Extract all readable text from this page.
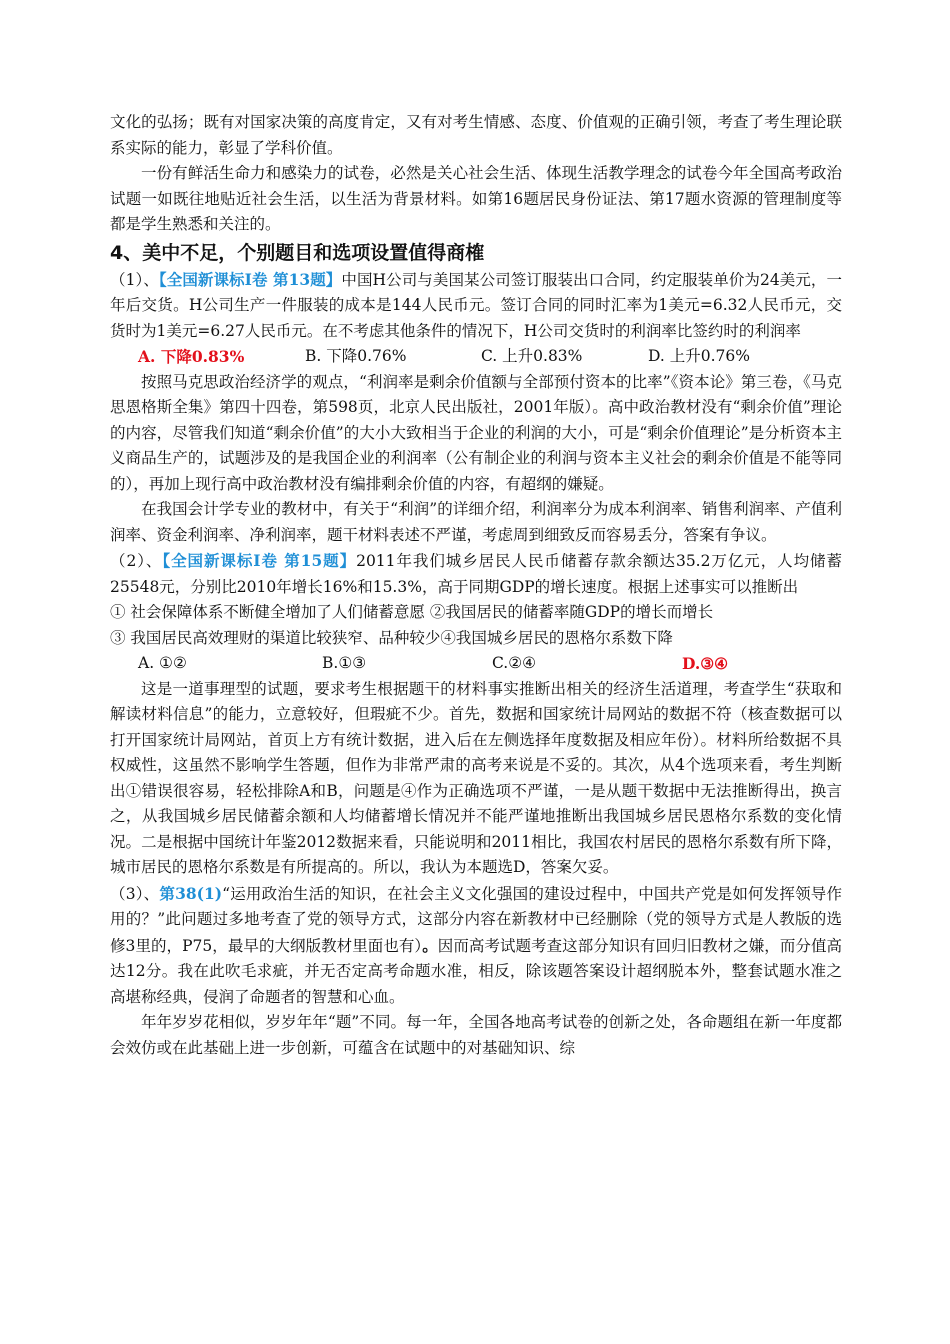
文化的弘扬；既有对国家决策的高度肯定，又有对考生情感、态度、价值观的正确引领，考查了考生理论联系实际的能力，彰显了学科价值。

一份有鲜活生命力和感染力的试卷，必然是关心社会生活、体现生活教学理念的试卷今年全国高考政治试题一如既往地贴近社会生活，以生活为背景材料。如第16题居民身份证法、第17题水资源的管理制度等都是学生熟悉和关注的。

4、美中不足，个别题目和选项设置值得商榷

（1）、【全国新课标Ⅰ卷 第13题】中国H公司与美国某公司签订服装出口合同，约定服装单价为24美元，一年后交货。H公司生产一件服装的成本是144人民币元。签订合同的同时汇率为1美元=6.32人民币元，交货时为1美元=6.27人民币元。在不考虑其他条件的情况下，H公司交货时的利润率比签约时的利润率

A. 下降0.83%	B. 下降0.76%	C. 上升0.83%	D. 上升0.76%

按照马克思政治经济学的观点，“利润率是剩余价值额与全部预付资本的比率”《资本论》第三卷，《马克思恩格斯全集》第四十四卷，第598页，北京人民出版社，2001年版）。高中政治教材没有“剩余价值”理论的内容，尽管我们知道“剩余价值”的大小大致相当于企业的利润的大小，可是“剩余价值理论”是分析资本主义商品生产的，试题涉及的是我国企业的利润率（公有制企业的利润与资本主义社会的剩余价值是不能等同的），再加上现行高中政治教材没有编排剩余价值的内容，有超纲的嫌疑。

在我国会计学专业的教材中，有关于“利润”的详细介绍，利润率分为成本利润率、销售利润率、产值利润率、资金利润率、净利润率，题干材料表述不严谨，考虑周到细致反而容易丢分，答案有争议。

（2）、【全国新课标Ⅰ卷 第15题】2011年我们城乡居民人民币储蓄存款余额达35.2万亿元，人均储蓄25548元，分别比2010年增长16%和15.3%，高于同期GDP的增长速度。根据上述事实可以推断出

① 社会保障体系不断健全增加了人们储蓄意愿 ②我国居民的储蓄率随GDP的增长而增长

③ 我国居民高效理财的渠道比较狭窄、品种较少④我国城乡居民的恩格尔系数下降

A. ①②	B.①③	C.②④	D.③④

这是一道事理型的试题，要求考生根据题干的材料事实推断出相关的经济生活道理，考查学生“获取和解读材料信息”的能力，立意较好，但瑕疵不少。首先，数据和国家统计局网站的数据不符（核查数据可以打开国家统计局网站，首页上方有统计数据，进入后在左侧选择年度数据及相应年份）。材料所给数据不具权威性，这虽然不影响学生答题，但作为非常严肃的高考来说是不妥的。其次，从4个选项来看，考生判断出①错误很容易，轻松排除A和B，问题是④作为正确选项不严谨，一是从题干数据中无法推断得出，换言之，从我国城乡居民储蓄余额和人均储蓄增长情况并不能严谨地推断出我国城乡居民恩格尔系数的变化情况。二是根据中国统计年鉴2012数据来看，只能说明和2011相比，我国农村居民的恩格尔系数有所下降，城市居民的恩格尔系数是有所提高的。所以，我认为本题选D，答案欠妥。

（3）、第38(1)“运用政治生活的知识，在社会主义文化强国的建设过程中，中国共产党是如何发挥领导作用的？”此问题过多地考查了党的领导方式，这部分内容在新教材中已经删除（党的领导方式是人教版的选修3里的，P75，最早的大纲版教材里面也有）。因而高考试题考查这部分知识有回归旧教材之嫌，而分值高达12分。我在此吹毛求疵，并无否定高考命题水准，相反，除该题答案设计超纲脱本外，整套试题水准之高堪称经典，侵润了命题者的智慧和心血。

年年岁岁花相似，岁岁年年“题”不同。每一年，全国各地高考试卷的创新之处，各命题组在新一年度都会效仿或在此基础上进一步创新，可蕴含在试题中的对基础知识、综
